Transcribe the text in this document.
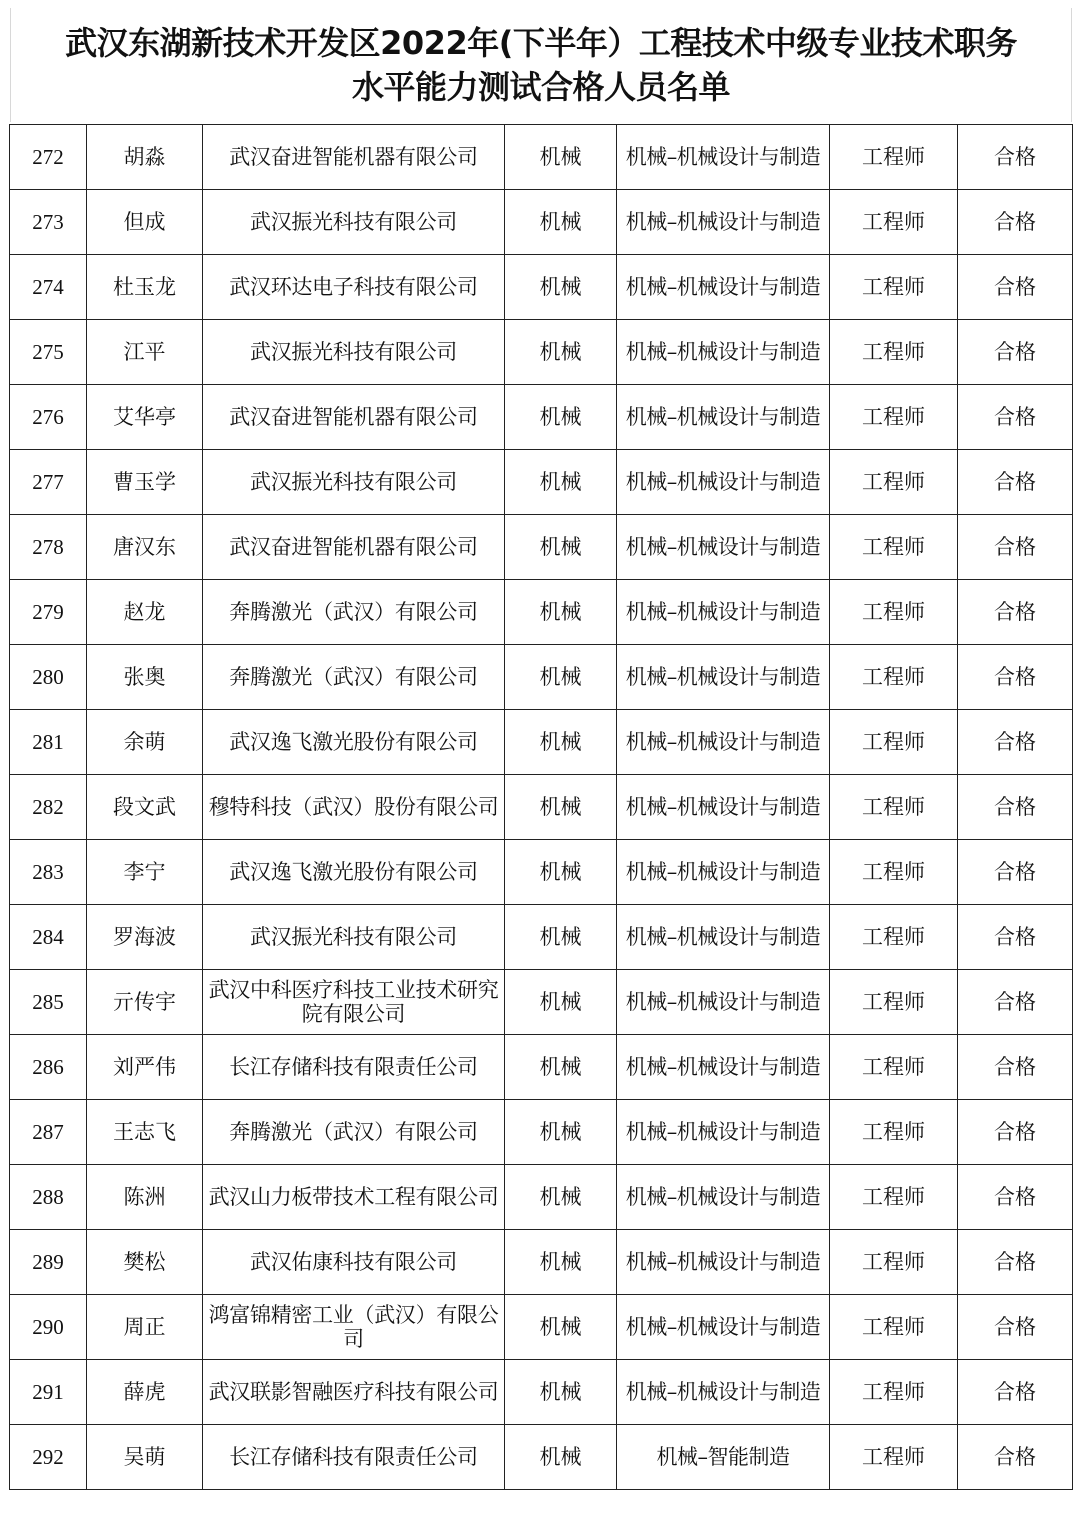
武汉东湖新技术开发区2022年(下半年）工程技术中级专业技术职务
水平能力测试合格人员名单
272	胡淼	武汉奋进智能机器有限公司	机械	机械–机械设计与制造	工程师	合格
273	但成	武汉振光科技有限公司	机械	机械–机械设计与制造	工程师	合格
274	杜玉龙	武汉环达电子科技有限公司	机械	机械–机械设计与制造	工程师	合格
275	江平	武汉振光科技有限公司	机械	机械–机械设计与制造	工程师	合格
276	艾华亭	武汉奋进智能机器有限公司	机械	机械–机械设计与制造	工程师	合格
277	曹玉学	武汉振光科技有限公司	机械	机械–机械设计与制造	工程师	合格
278	唐汉东	武汉奋进智能机器有限公司	机械	机械–机械设计与制造	工程师	合格
279	赵龙	奔腾激光（武汉）有限公司	机械	机械–机械设计与制造	工程师	合格
280	张奥	奔腾激光（武汉）有限公司	机械	机械–机械设计与制造	工程师	合格
281	余萌	武汉逸飞激光股份有限公司	机械	机械–机械设计与制造	工程师	合格
282	段文武	穆特科技（武汉）股份有限公司	机械	机械–机械设计与制造	工程师	合格
283	李宁	武汉逸飞激光股份有限公司	机械	机械–机械设计与制造	工程师	合格
284	罗海波	武汉振光科技有限公司	机械	机械–机械设计与制造	工程师	合格
285	亓传宇	武汉中科医疗科技工业技术研究院有限公司	机械	机械–机械设计与制造	工程师	合格
286	刘严伟	长江存储科技有限责任公司	机械	机械–机械设计与制造	工程师	合格
287	王志飞	奔腾激光（武汉）有限公司	机械	机械–机械设计与制造	工程师	合格
288	陈洲	武汉山力板带技术工程有限公司	机械	机械–机械设计与制造	工程师	合格
289	樊松	武汉佑康科技有限公司	机械	机械–机械设计与制造	工程师	合格
290	周正	鸿富锦精密工业（武汉）有限公司	机械	机械–机械设计与制造	工程师	合格
291	薛虎	武汉联影智融医疗科技有限公司	机械	机械–机械设计与制造	工程师	合格
292	吴萌	长江存储科技有限责任公司	机械	机械–智能制造	工程师	合格
